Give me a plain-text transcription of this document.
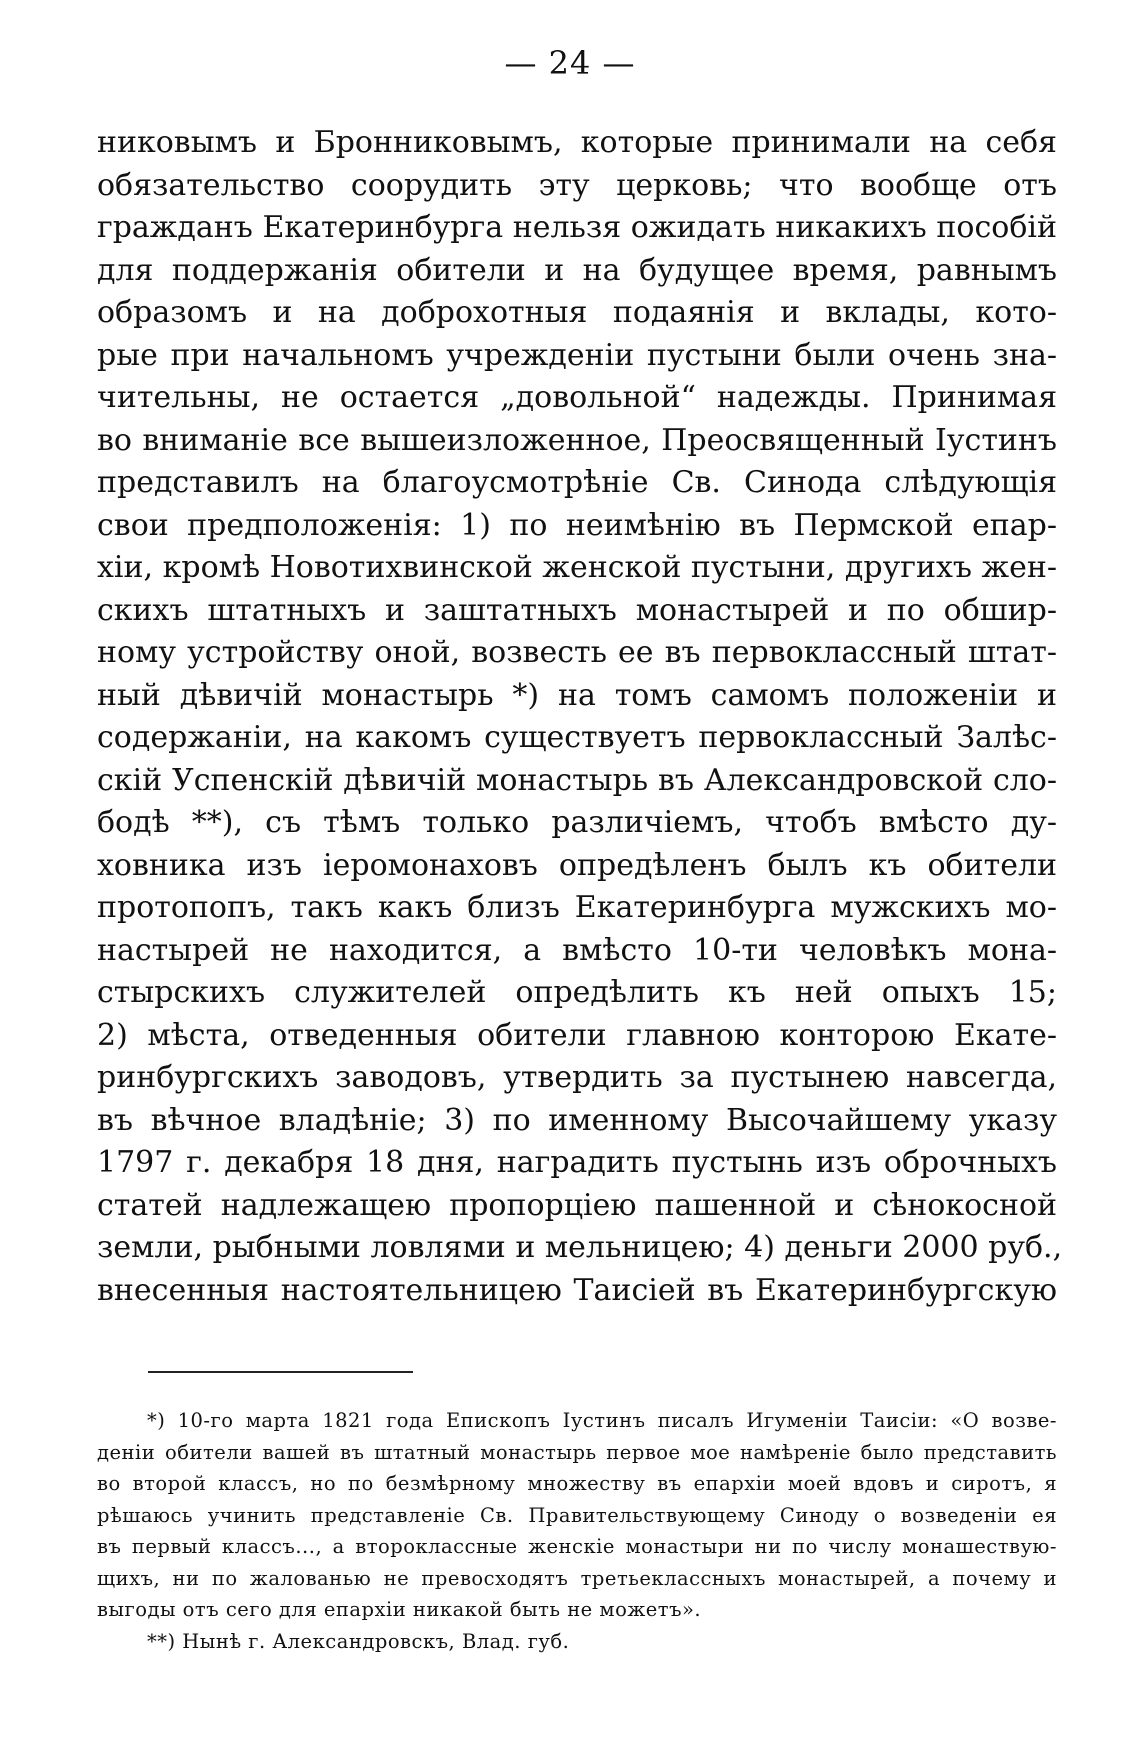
— 24 —
никовымъ и Бронниковымъ, которые принимали на себя
обязательство соорудить эту церковь; что вообще отъ
гражданъ Екатеринбурга нельзя ожидать никакихъ пособій
для поддержанія обители и на будущее время, равнымъ
образомъ и на доброхотныя подаянія и вклады, кото-
рые при начальномъ учрежденіи пустыни были очень зна-
чительны, не остается „довольной“ надежды. Принимая
во вниманіе все вышеизложенное, Преосвященный Іустинъ
представилъ на благоусмотрѣніе Св. Синода слѣдующія
свои предположенія: 1) по неимѣнію въ Пермской епар-
хіи, кромѣ Новотихвинской женской пустыни, другихъ жен-
скихъ штатныхъ и заштатныхъ монастырей и по обшир-
ному устройству оной, возвесть ее въ первоклассный штат-
ный дѣвичій монастырь *) на томъ самомъ положеніи и
содержаніи, на какомъ существуетъ первоклассный Залѣс-
скій Успенскій дѣвичій монастырь въ Александровской сло-
бодѣ **), съ тѣмъ только различіемъ, чтобъ вмѣсто ду-
ховника изъ іеромонаховъ опредѣленъ былъ къ обители
протопопъ, такъ какъ близъ Екатеринбурга мужскихъ мо-
настырей не находится, а вмѣсто 10-ти человѣкъ мона-
стырскихъ служителей опредѣлить къ ней опыхъ 15;
2) мѣста, отведенныя обители главною конторою Екате-
ринбургскихъ заводовъ, утвердить за пустынею навсегда,
въ вѣчное владѣніе; 3) по именному Высочайшему указу
1797 г. декабря 18 дня, наградить пустынь изъ оброчныхъ
статей надлежащею пропорціею пашенной и сѣнокосной
земли, рыбными ловлями и мельницею; 4) деньги 2000 руб.,
внесенныя настоятельницею Таисіей въ Екатеринбургскую
*) 10-го марта 1821 года Епископъ Іустинъ писалъ Игуменіи Таисіи: «О возве-
деніи обители вашей въ штатный монастырь первое мое намѣреніе было представить
во второй классъ, но по безмѣрному множеству въ епархіи моей вдовъ и сиротъ, я
рѣшаюсь учинить представленіе Св. Правительствующему Синоду о возведеніи ея
въ первый классъ..., а второклассные женскіе монастыри ни по числу монашествую-
щихъ, ни по жалованью не превосходятъ третьеклассныхъ монастырей, а почему и
выгоды отъ сего для епархіи никакой быть не можетъ».
**) Нынѣ г. Александровскъ, Влад. губ.
